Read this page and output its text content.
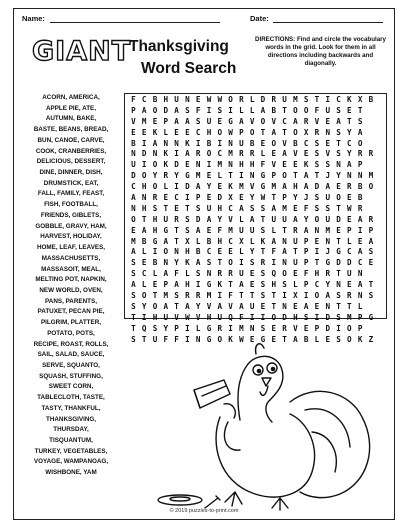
Name:	Date:
GIANT
Thanksgiving
Word Search
DIRECTIONS: Find and circle the vocabulary words in the grid. Look for them in all directions including backwards and diagonally.
ACORN, AMERICA,
APPLE PIE, ATE,
AUTUMN, BAKE,
BASTE, BEANS, BREAD,
BUN, CANOE, CARVE,
COOK, CRANBERRIES,
DELICIOUS, DESSERT,
DINE, DINNER, DISH,
DRUMSTICK, EAT,
FALL, FAMILY, FEAST,
FISH, FOOTBALL,
FRIENDS, GIBLETS,
GOBBLE, GRAVY, HAM,
HARVEST, HOLIDAY,
HOME, LEAF, LEAVES,
MASSACHUSETTS,
MASSASOIT, MEAL,
MELTING POT, NAPKIN,
NEW WORLD, OVEN,
PANS, PARENTS,
PATUXET, PECAN PIE,
PILGRIM, PLATTER,
POTATO, POTS,
RECIPE, ROAST, ROLLS,
SAIL, SALAD, SAUCE,
SERVE, SQUANTO,
SQUASH, STUFFING,
SWEET CORN,
TABLECLOTH, TASTE,
TASTY, THANKFUL,
THANKSGIVING,
THURSDAY,
TISQUANTUM,
TURKEY, VEGETABLES,
VOYAGE, WAMPANOAG,
WISHBONE, YAM
F C B H U N E W W O R L D R U M S T I C K X B
P A O D A S F I S I L L A B T O O F U S E T
V M E P A A S U E G A V O V C A R V E A T S
E E K L E E C H O W P O T A T O X R N S Y A
B I A N N K I B I N U B E O V B C S E T C O
N D N K I A R O C M R R L E A V E S V S Y R R
U I O K D E N I M N H H F V E E K S S N A P
D O Y R Y G M E L T I N G P O T A T J Y N N M
C H O L I D A Y E K M V G M A H A D A E R B O
A N R E C I P E D X E Y W T P Y J S U O E B
N H S T E T S U H C A S S A M E F S S T W R
O T H U R S D A Y V L A T U U A Y O U D E A R
E A H G T S A E F M U U S L T R A N M E P I P
M B G A T X L B H C X L K A N U P E N T L E A
A L I O N H B C E E L Y T F A T P I J G C A S
S E B N Y K A S T O I S R I N U P T G D D C E
S C L A F L S N R R U E S Q O E F H R T U N
A L E P A H I G K T A E S H S L P C Y N E A T
S O T M S R R M I F T T S T I X I O A S R N S
S Y O A T A Y V A V A U E T N E A E N T T L
T I H U V W V H U Q F I I O D H S I D S M P G
T Q S Y P I L G R I M N S E R V E P D I O P
S T U F F I N G O K W E G E T A B L E S O K Z
© 2019 puzzles-to-print.com
